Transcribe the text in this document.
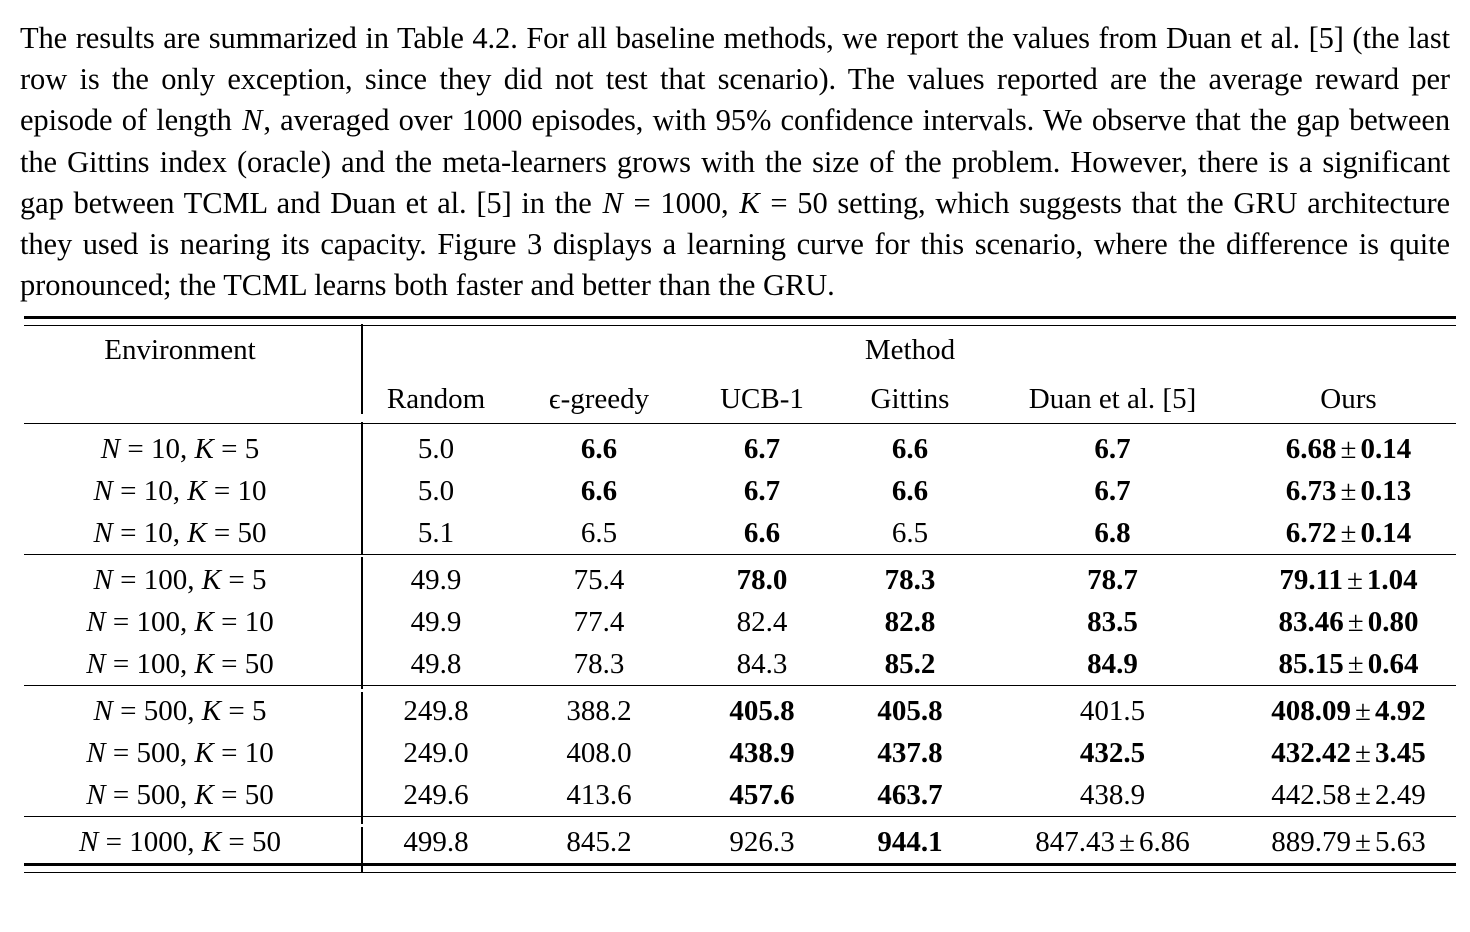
The results are summarized in Table 4.2. For all baseline methods, we report the values from Duan et al. [5] (the last row is the only exception, since they did not test that scenario). The values reported are the average reward per episode of length N, averaged over 1000 episodes, with 95% confidence intervals. We observe that the gap between the Gittins index (oracle) and the meta-learners grows with the size of the problem. However, there is a significant gap between TCML and Duan et al. [5] in the N = 1000, K = 50 setting, which suggests that the GRU architecture they used is nearing its capacity. Figure 3 displays a learning curve for this scenario, where the difference is quite pronounced; the TCML learns both faster and better than the GRU.

Environment				Method		
	Random	ϵ-greedy	UCB-1	Gittins	Duan et al. [5]	Ours

N = 10, K = 5	5.0	6.6	6.7	6.6	6.7	6.68 ± 0.14
N = 10, K = 10	5.0	6.6	6.7	6.6	6.7	6.73 ± 0.13
N = 10, K = 50	5.1	6.5	6.6	6.5	6.8	6.72 ± 0.14

N = 100, K = 5	49.9	75.4	78.0	78.3	78.7	79.11 ± 1.04
N = 100, K = 10	49.9	77.4	82.4	82.8	83.5	83.46 ± 0.80
N = 100, K = 50	49.8	78.3	84.3	85.2	84.9	85.15 ± 0.64

N = 500, K = 5	249.8	388.2	405.8	405.8	401.5	408.09 ± 4.92
N = 500, K = 10	249.0	408.0	438.9	437.8	432.5	432.42 ± 3.45
N = 500, K = 50	249.6	413.6	457.6	463.7	438.9	442.58 ± 2.49

N = 1000, K = 50	499.8	845.2	926.3	944.1	847.43 ± 6.86	889.79 ± 5.63
